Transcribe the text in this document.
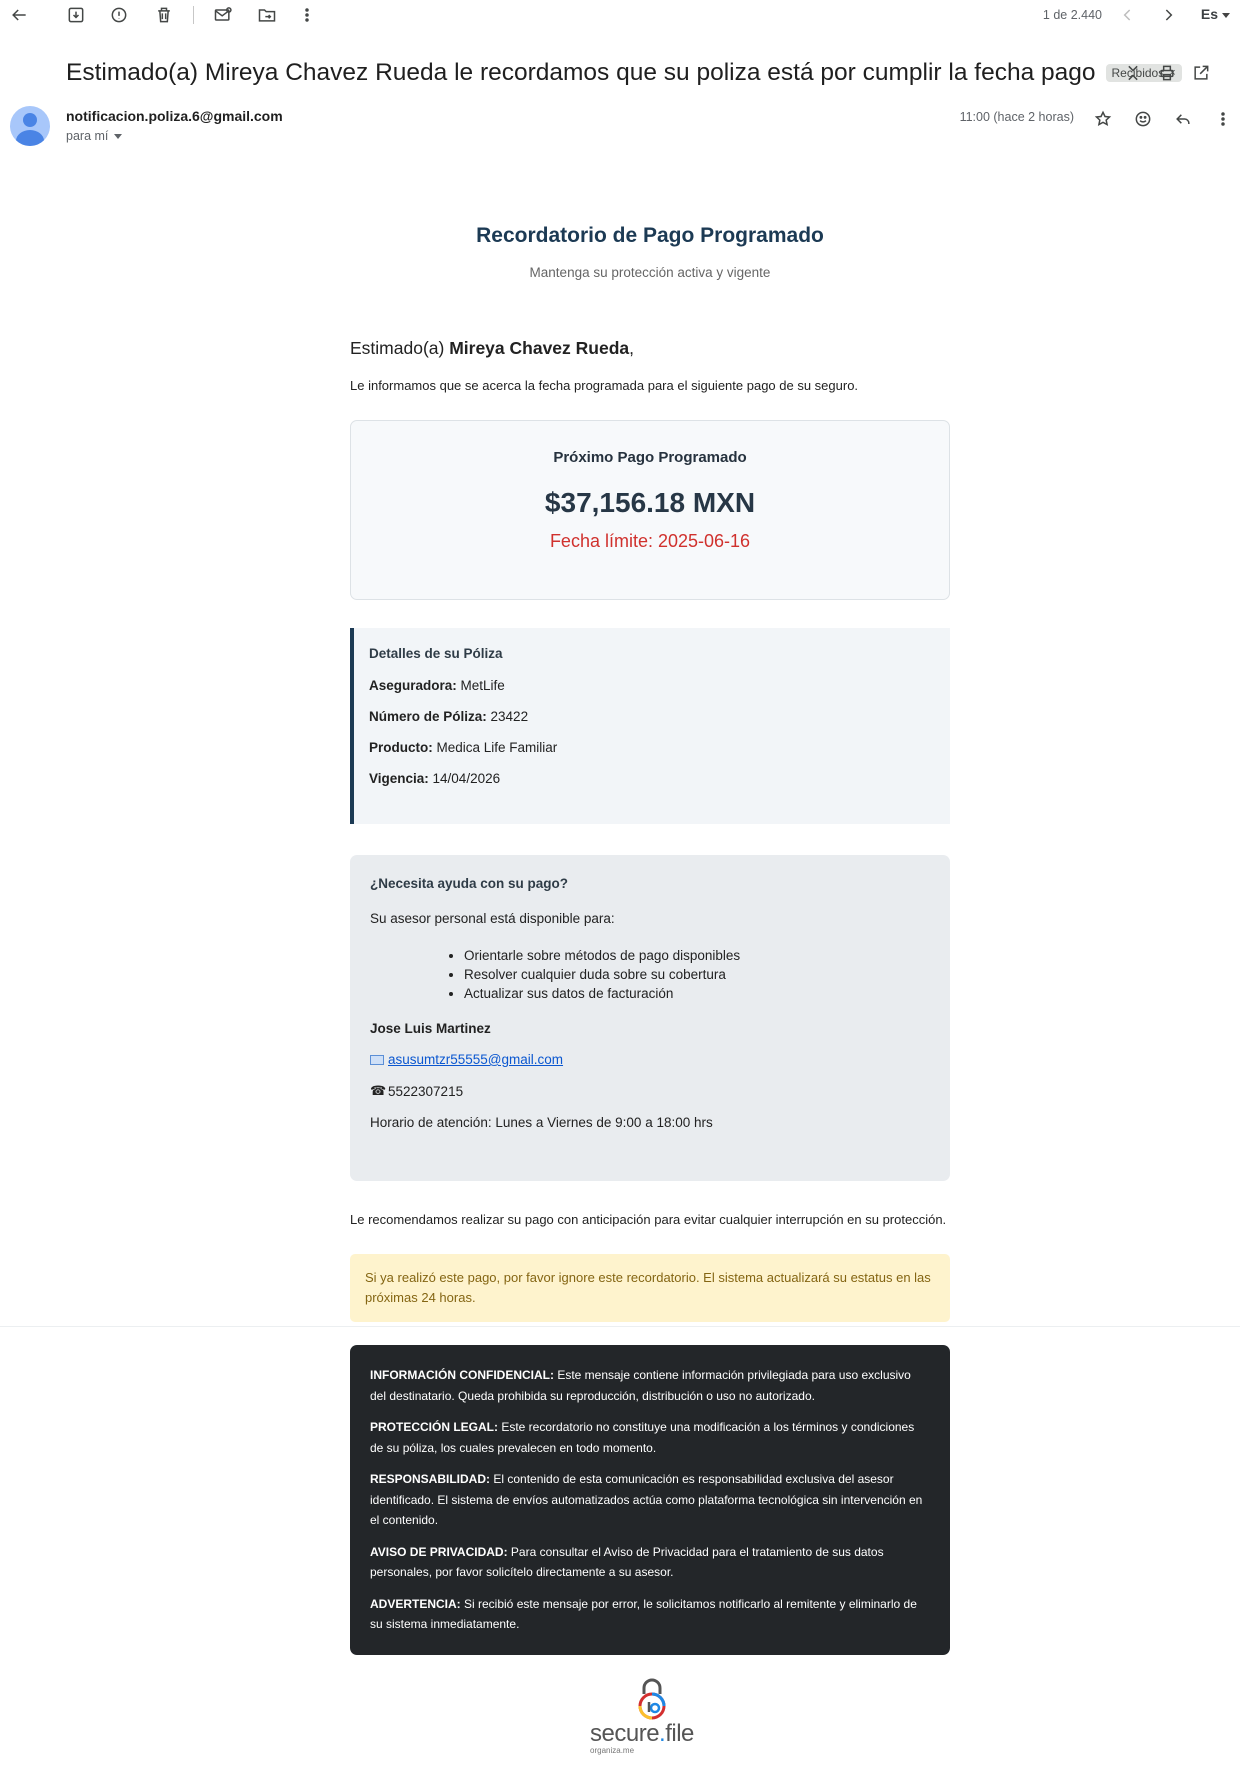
1 de 2.440	Es
Estimado(a) Mireya Chavez Rueda le recordamos que su poliza está por cumplir la fecha pago Recibidos ×
notificacion.poliza.6@gmail.com
para mí
11:00 (hace 2 horas)
Recordatorio de Pago Programado
Mantenga su protección activa y vigente
Estimado(a) Mireya Chavez Rueda,
Le informamos que se acerca la fecha programada para el siguiente pago de su seguro.
Próximo Pago Programado
$37,156.18 MXN
Fecha límite: 2025-06-16
Detalles de su Póliza
Aseguradora: MetLife
Número de Póliza: 23422
Producto: Medica Life Familiar
Vigencia: 14/04/2026
¿Necesita ayuda con su pago?
Su asesor personal está disponible para:
• Orientarle sobre métodos de pago disponibles
• Resolver cualquier duda sobre su cobertura
• Actualizar sus datos de facturación
Jose Luis Martinez
asusumtzr55555@gmail.com
☎ 5522307215
Horario de atención: Lunes a Viernes de 9:00 a 18:00 hrs
Le recomendamos realizar su pago con anticipación para evitar cualquier interrupción en su protección.
Si ya realizó este pago, por favor ignore este recordatorio. El sistema actualizará su estatus en las próximas 24 horas.

INFORMACIÓN CONFIDENCIAL: Este mensaje contiene información privilegiada para uso exclusivo del destinatario. Queda prohibida su reproducción, distribución o uso no autorizado.

PROTECCIÓN LEGAL: Este recordatorio no constituye una modificación a los términos y condiciones de su póliza, los cuales prevalecen en todo momento.

RESPONSABILIDAD: El contenido de esta comunicación es responsabilidad exclusiva del asesor identificado. El sistema de envíos automatizados actúa como plataforma tecnológica sin intervención en el contenido.

AVISO DE PRIVACIDAD: Para consultar el Aviso de Privacidad para el tratamiento de sus datos personales, por favor solicítelo directamente a su asesor.

ADVERTENCIA: Si recibió este mensaje por error, le solicitamos notificarlo al remitente y eliminarlo de su sistema inmediatamente.

secure.file
organiza.me
